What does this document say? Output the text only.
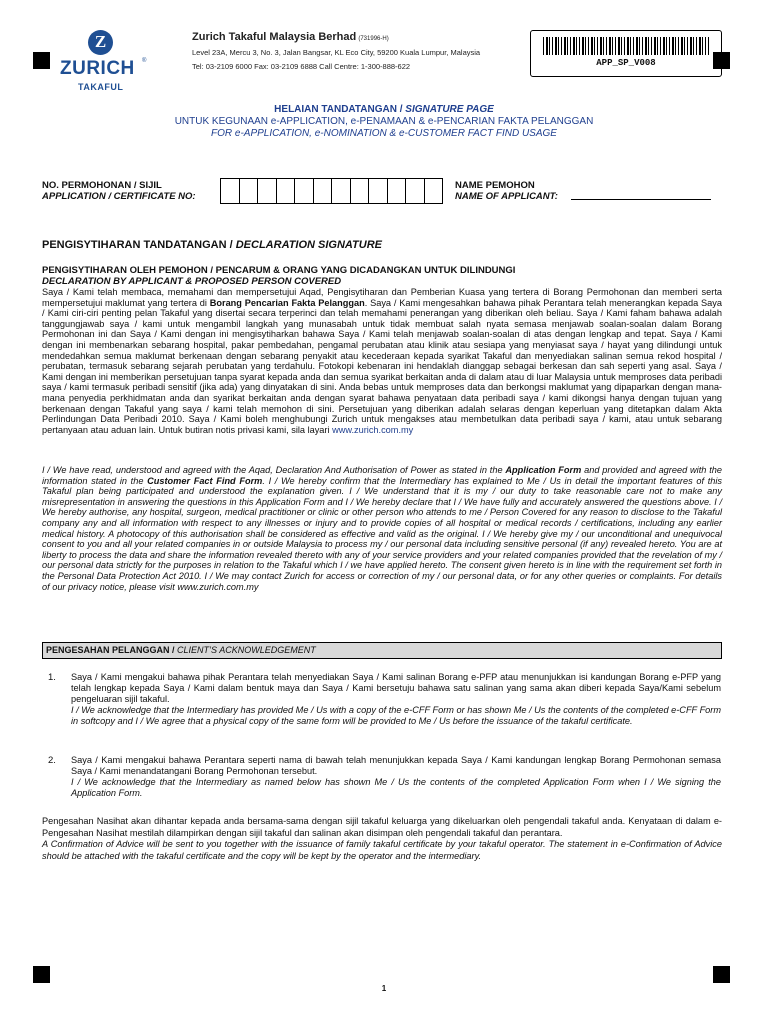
Z
ZURICH ®
TAKAFUL
Zurich Takaful Malaysia Berhad (731996-H)
Level 23A, Mercu 3, No. 3, Jalan Bangsar, KL Eco City, 59200 Kuala Lumpur, Malaysia
Tel: 03-2109 6000 Fax: 03-2109 6888 Call Centre: 1-300-888-622	APP_SP_V008
HELAIAN TANDATANGAN / SIGNATURE PAGE
UNTUK KEGUNAAN e-APPLICATION, e-PENAMAAN & e-PENCARIAN FAKTA PELANGGAN
FOR e-APPLICATION, e-NOMINATION & e-CUSTOMER FACT FIND USAGE
NO. PERMOHONAN / SIJIL
APPLICATION / CERTIFICATE NO:
NAME PEMOHON
NAME OF APPLICANT:
PENGISYTIHARAN TANDATANGAN / DECLARATION SIGNATURE
PENGISYTIHARAN OLEH PEMOHON / PENCARUM & ORANG YANG DICADANGKAN UNTUK DILINDUNGI
DECLARATION BY APPLICANT & PROPOSED PERSON COVERED
Saya / Kami telah membaca, memahami dan mempersetujui Aqad, Pengisytiharan dan Pemberian Kuasa yang tertera di Borang Permohonan dan memberi serta mempersetujui maklumat yang tertera di Borang Pencarian Fakta Pelanggan. Saya / Kami mengesahkan bahawa pihak Perantara telah menerangkan kepada Saya / Kami ciri-ciri penting pelan Takaful yang disertai secara terperinci dan telah memahami penerangan yang diberikan oleh beliau. Saya / Kami faham bahawa adalah tanggungjawab saya / kami untuk mengambil langkah yang munasabah untuk tidak membuat salah nyata semasa menjawab soalan-soalan dalam Borang Permohonan ini dan Saya / Kami dengan ini mengisytiharkan bahawa Saya / Kami telah menjawab soalan-soalan di atas dengan lengkap and tepat. Saya / Kami dengan ini membenarkan sebarang hospital, pakar pembedahan, pengamal perubatan atau klinik atau sesiapa yang menyiasat saya / hayat yang dilindungi untuk mendedahkan semua maklumat berkenaan dengan sebarang penyakit atau kecederaan kepada syarikat Takaful dan menyediakan salinan semua rekod hospital / perubatan, termasuk sebarang sejarah perubatan yang terdahulu. Fotokopi kebenaran ini hendaklah dianggap sebagai berkesan dan sah seperti yang asal. Saya / Kami dengan ini memberikan persetujuan tanpa syarat kepada anda dan semua syarikat berkaitan anda di dalam atau di luar Malaysia untuk memproses data peribadi saya / kami termasuk peribadi sensitif (jika ada) yang dinyatakan di sini. Anda bebas untuk memproses data dan berkongsi maklumat yang dipaparkan dengan mana-mana penyedia perkhidmatan anda dan syarikat berkaitan anda dengan syarat bahawa penyataan data peribadi saya / kami dikongsi hanya dengan tujuan yang berkenaan dengan Takaful yang saya / kami telah memohon di sini. Persetujuan yang diberikan adalah selaras dengan keperluan yang ditetapkan dalam Akta Perlindungan Data Peribadi 2010. Saya / Kami boleh menghubungi Zurich untuk mengakses atau membetulkan data peribadi saya / kami, atau untuk sebarang pertanyaan atau aduan lain. Untuk butiran notis privasi kami, sila layari www.zurich.com.my
I / We have read, understood and agreed with the Aqad, Declaration And Authorisation of Power as stated in the Application Form and provided and agreed with the information stated in the Customer Fact Find Form. I / We hereby confirm that the Intermediary has explained to Me / Us in detail the important features of this Takaful plan being participated and understood the explanation given. I / We understand that it is my / our duty to take reasonable care not to make any misrepresentation in answering the questions in this Application Form and I / We hereby declare that I / We have fully and accurately answered the questions above. I / We hereby authorise, any hospital, surgeon, medical practitioner or clinic or other person who attends to me / Person Covered for any reason to disclose to the Takaful company any and all information with respect to any illnesses or injury and to provide copies of all hospital or medical records / certifications, including any earlier medical history. A photocopy of this authorisation shall be considered as effective and valid as the original. I / We hereby give my / our unconditional and unequivocal consent to you and all your related companies in or outside Malaysia to process my / our personal data including sensitive personal (if any) revealed hereto. You are at liberty to process the data and share the information revealed thereto with any of your service providers and your related companies provided that the revelation of my / our personal data strictly for the purposes in relation to the Takaful which I / we have applied hereto. The consent given hereto is in line with the requirement set forth in the Personal Data Protection Act 2010. I / We may contact Zurich for access or correction of my / our personal data, or for any other queries or complaints. For details of our privacy notice, please visit www.zurich.com.my
PENGESAHAN PELANGGAN / CLIENT’S ACKNOWLEDGEMENT
1. Saya / Kami mengakui bahawa pihak Perantara telah menyediakan Saya / Kami salinan Borang e-PFP atau menunjukkan isi kandungan Borang e-PFP yang telah lengkap kepada Saya / Kami dalam bentuk maya dan Saya / Kami bersetuju bahawa satu salinan yang sama akan diberi kepada Saya/Kami sebelum pengeluaran sijil takaful.
I / We acknowledge that the Intermediary has provided Me / Us with a copy of the e-CFF Form or has shown Me / Us the contents of the completed e-CFF Form in softcopy and I / We agree that a physical copy of the same form will be provided to Me / Us before the issuance of the takaful certificate.
2. Saya / Kami mengakui bahawa Perantara seperti nama di bawah telah menunjukkan kepada Saya / Kami kandungan lengkap Borang Permohonan semasa Saya / Kami menandatangani Borang Permohonan tersebut.
I / We acknowledge that the Intermediary as named below has shown Me / Us the contents of the completed Application Form when I / We signing the Application Form.
Pengesahan Nasihat akan dihantar kepada anda bersama-sama dengan sijil takaful keluarga yang dikeluarkan oleh pengendali takaful anda. Kenyataan di dalam e-Pengesahan Nasihat mestilah dilampirkan dengan sijil takaful dan salinan akan disimpan oleh pengendali takaful dan perantara.
A Confirmation of Advice will be sent to you together with the issuance of family takaful certificate by your takaful operator. The statement in e-Confirmation of Advice should be attached with the takaful certificate and the copy will be kept by the operator and the intermediary.
1
